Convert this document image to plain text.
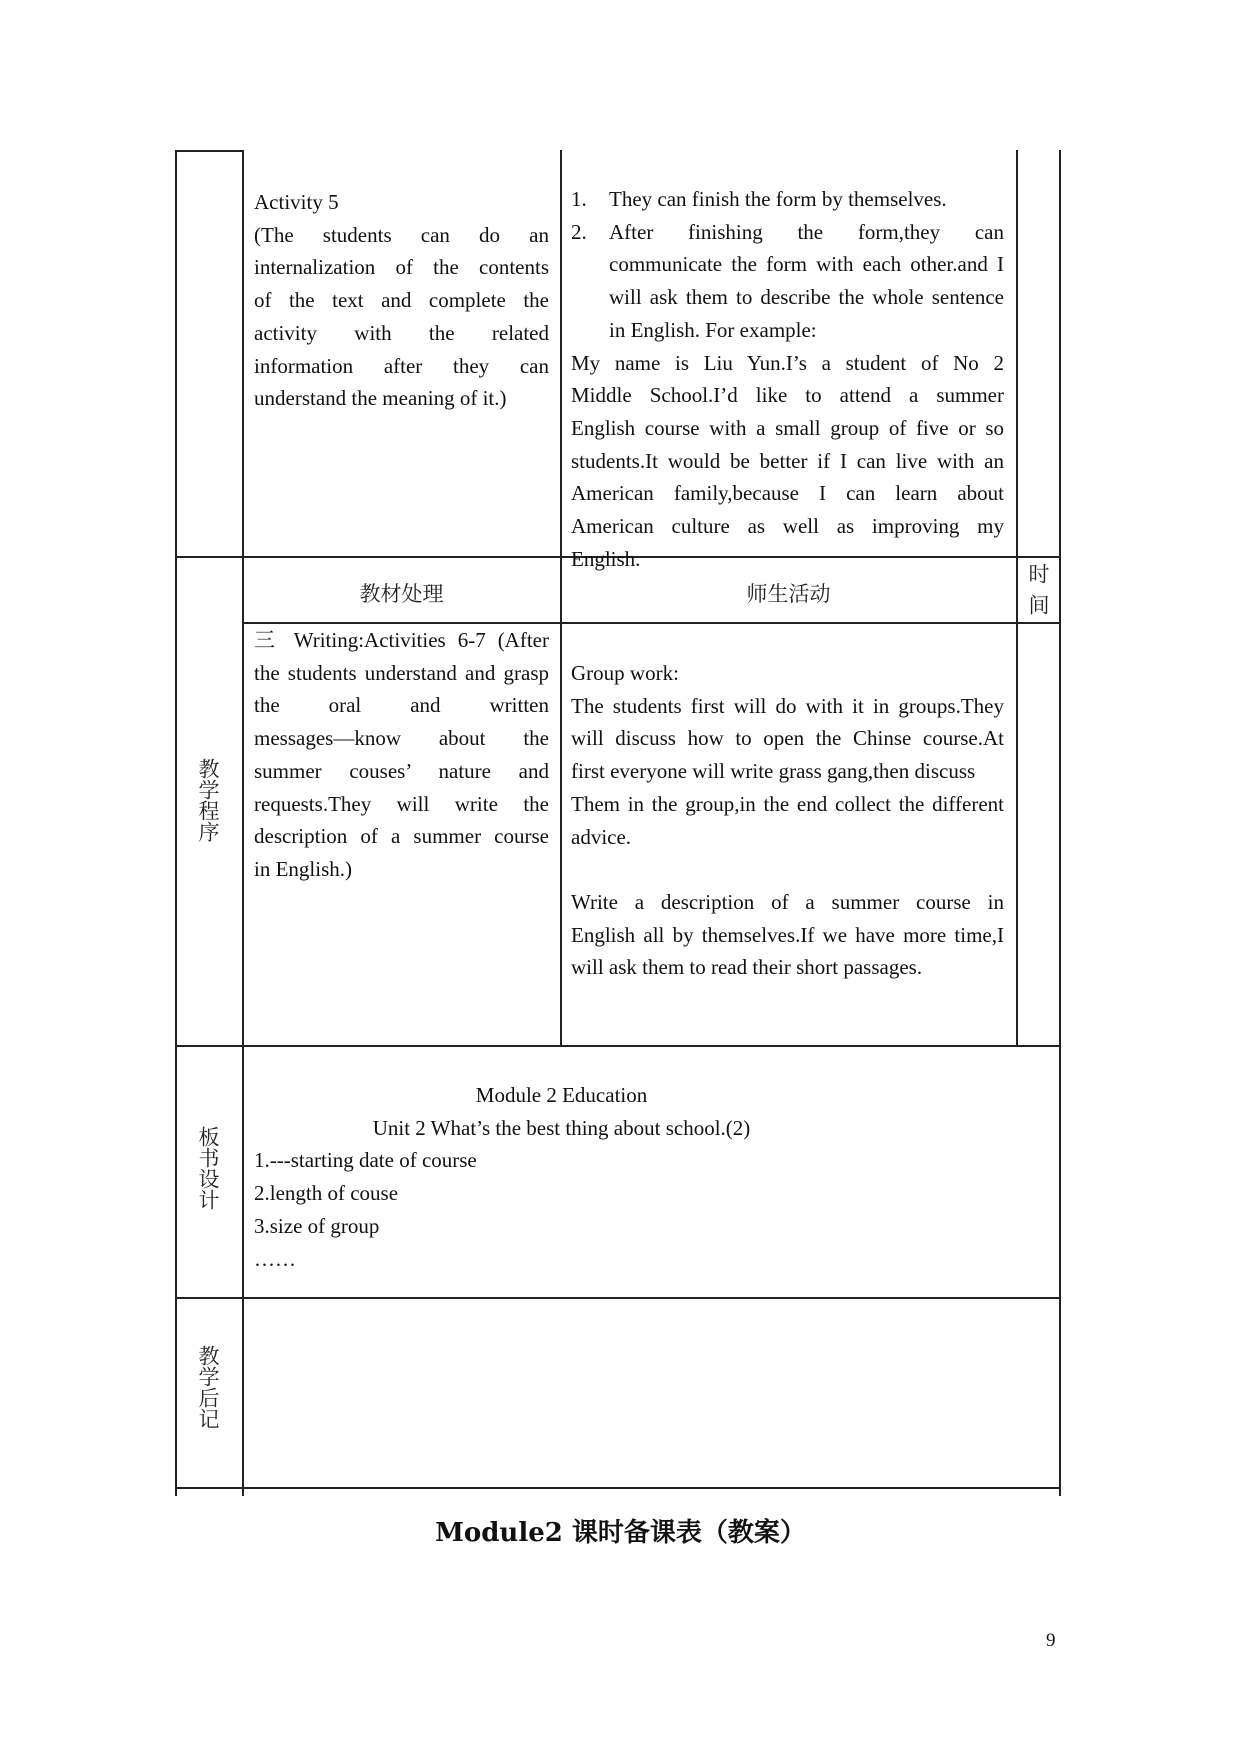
Activity 5
(The students can do an
internalization of the contents
of the text and complete the
activity with the related
information after they can
understand the meaning of it.)
1. They can finish the form by themselves.
2. After finishing the form,they can
communicate the form with each other.and I
will ask them to describe the whole sentence
in English. For example:
My name is Liu Yun.I’s a student of No 2
Middle School.I’d like to attend a summer
English course with a small group of five or so
students.It would be better if I can live with an
American family,because I can learn about
American culture as well as improving my
English.
教材处理	师生活动	时间
教学程序
三 Writing:Activities 6-7 (After
the students understand and grasp
the oral and written
messages—know about the
summer couses’ nature and
requests.They will write the
description of a summer course
in English.)
Group work:
The students first will do with it in groups.They
will discuss how to open the Chinse course.At
first everyone will write grass gang,then discuss
Them in the group,in the end collect the different
advice.
Write a description of a summer course in
English all by themselves.If we have more time,I
will ask them to read their short passages.
板书设计
Module 2 Education
Unit 2 What’s the best thing about school.(2)
1.---starting date of course
2.length of couse
3.size of group
……
教学后记
Module2 课时备课表（教案）
9
